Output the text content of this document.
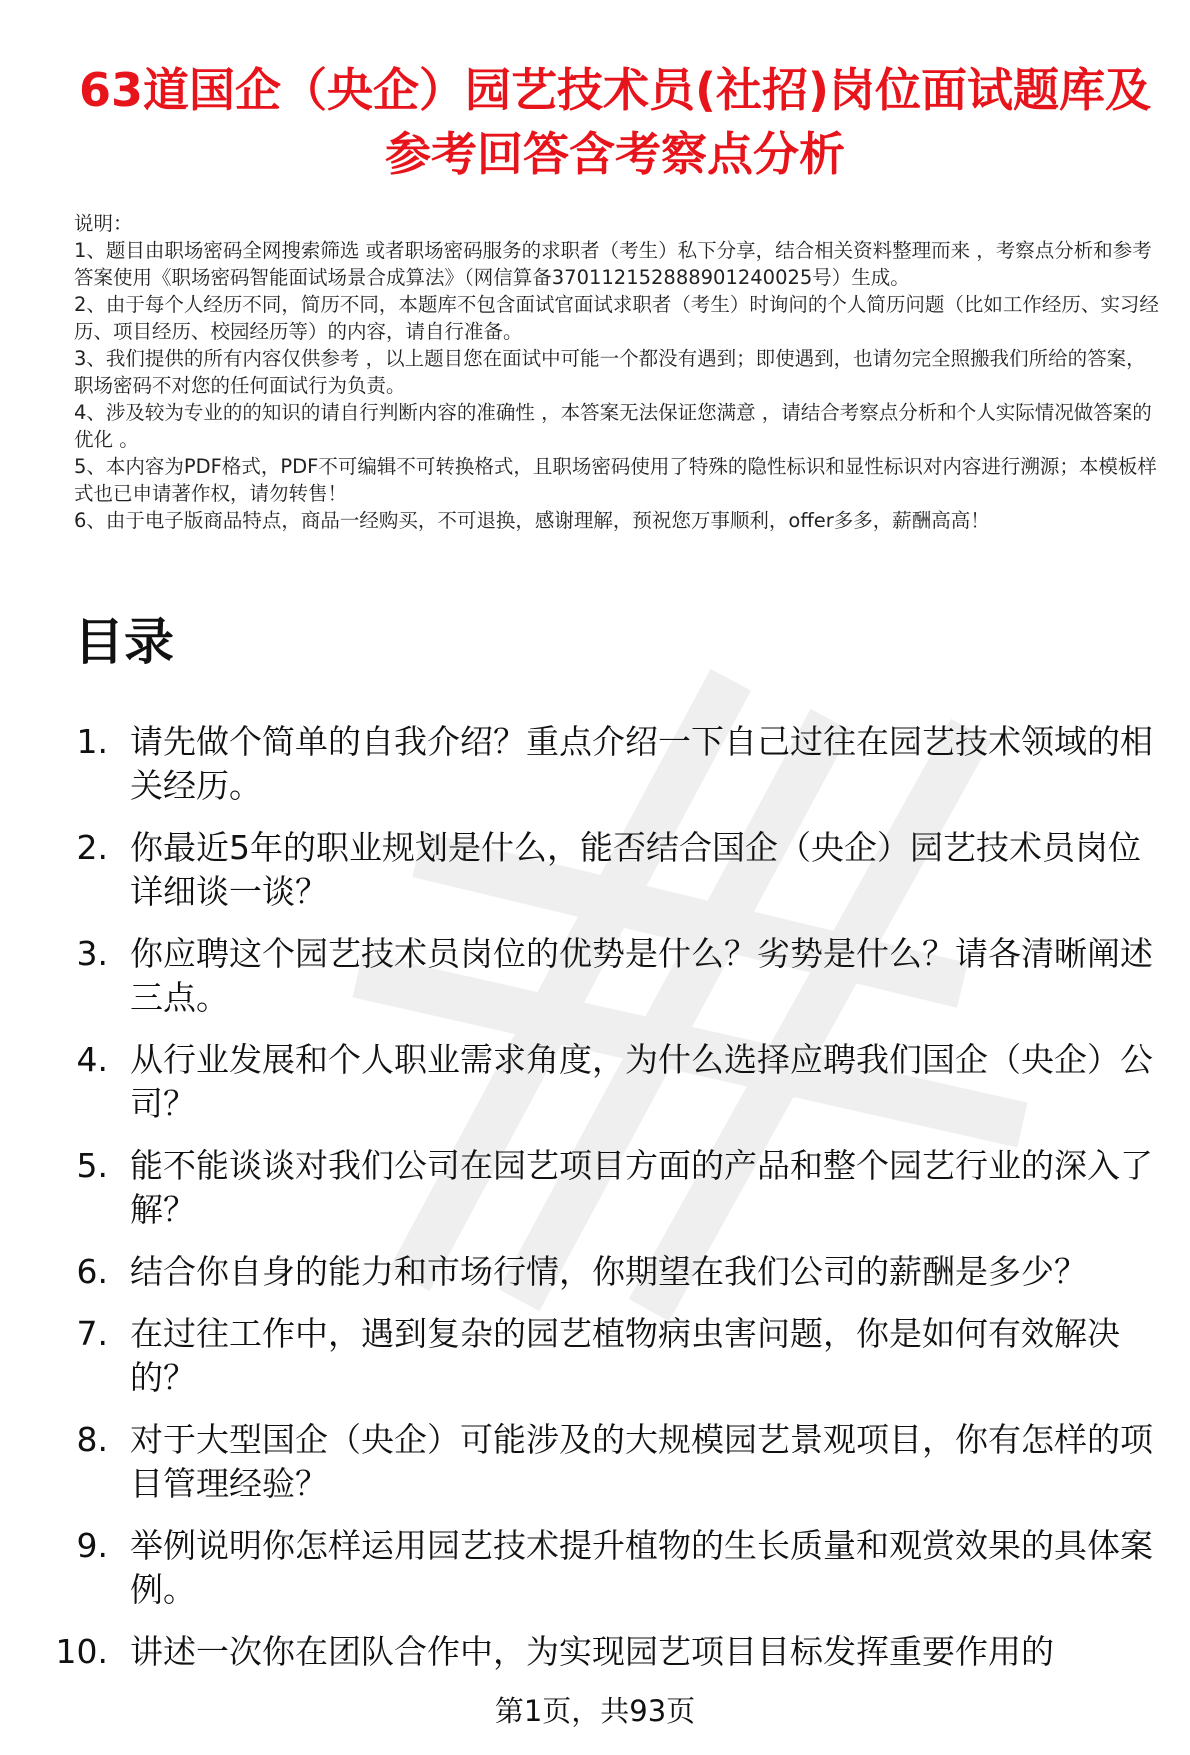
63道国企（央企）园艺技术员(社招)岗位面试题库及参考回答含考察点分析

说明：

1、题目由职场密码全网搜索筛选 或者职场密码服务的求职者（考生）私下分享，结合相关资料整理而来 ，考察点分析和参考答案使用《职场密码智能面试场景合成算法》（网信算备370112152888901240025号）生成。

2、由于每个人经历不同，简历不同，本题库不包含面试官面试求职者（考生）时询问的个人简历问题（比如工作经历、实习经历、项目经历、校园经历等）的内容，请自行准备。

3、我们提供的所有内容仅供参考 ，以上题目您在面试中可能一个都没有遇到；即使遇到，也请勿完全照搬我们所给的答案，职场密码不对您的任何面试行为负责。

4、涉及较为专业的的知识的请自行判断内容的准确性 ，本答案无法保证您满意 ，请结合考察点分析和个人实际情况做答案的优化 。

5、本内容为PDF格式，PDF不可编辑不可转换格式，且职场密码使用了特殊的隐性标识和显性标识对内容进行溯源；本模板样式也已申请著作权，请勿转售！

6、由于电子版商品特点，商品一经购买，不可退换，感谢理解，预祝您万事顺利，offer多多，薪酬高高！

目录
1. 请先做个简单的自我介绍？重点介绍一下自己过往在园艺技术领域的相关经历。
2. 你最近5年的职业规划是什么，能否结合国企（央企）园艺技术员岗位详细谈一谈？
3. 你应聘这个园艺技术员岗位的优势是什么？劣势是什么？请各清晰阐述三点。
4. 从行业发展和个人职业需求角度，为什么选择应聘我们国企（央企）公司？
5. 能不能谈谈对我们公司在园艺项目方面的产品和整个园艺行业的深入了解？
6. 结合你自身的能力和市场行情，你期望在我们公司的薪酬是多少？
7. 在过往工作中，遇到复杂的园艺植物病虫害问题，你是如何有效解决的？
8. 对于大型国企（央企）可能涉及的大规模园艺景观项目，你有怎样的项目管理经验？
9. 举例说明你怎样运用园艺技术提升植物的生长质量和观赏效果的具体案例。
10. 讲述一次你在团队合作中，为实现园艺项目目标发挥重要作用的
第1页，共93页
